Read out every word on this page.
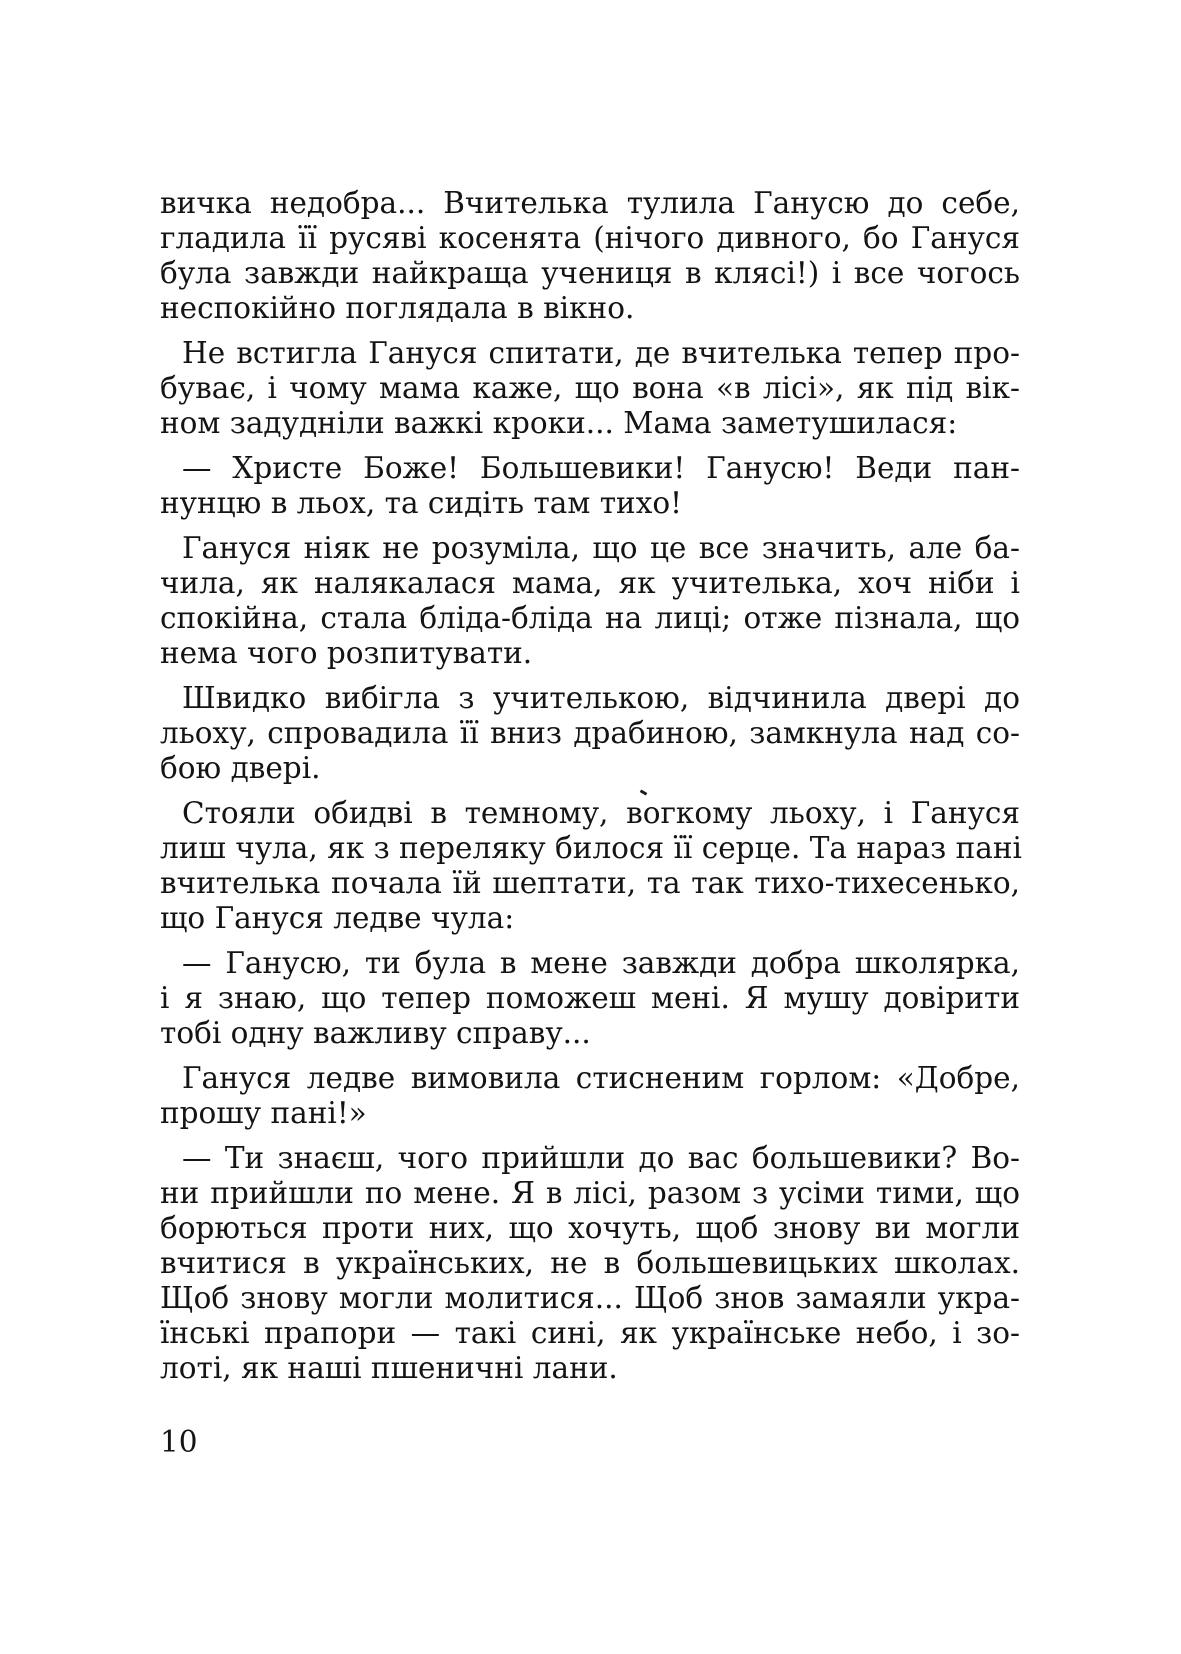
вичка недобра... Вчителька тулила Ганусю до себе,
гладила її русяві косенята (нічого дивного, бо Гануся
була завжди найкраща учениця в клясі!) і все чогось
неспокійно поглядала в вікно.
Не встигла Гануся спитати, де вчителька тепер про-
буває, і чому мама каже, що вона «в лісі», як під вік-
ном задудніли важкі кроки... Мама заметушилася:
— Христе Боже! Большевики! Ганусю! Веди пан-
нунцю в льох, та сидіть там тихо!
Гануся ніяк не розуміла, що це все значить, але ба-
чила, як налякалася мама, як учителька, хоч ніби і
спокійна, стала бліда-бліда на лиці; отже пізнала, що
нема чого розпитувати.
Швидко вибігла з учителькою, відчинила двері до
льоху, спровадила її вниз драбиною, замкнула над со-
бою двері.
Стояли обидві в темному, вогкому льоху, і Гануся
лиш чула, як з переляку билося її серце. Та нараз пані
вчителька почала їй шептати, та так тихо-тихесенько,
що Гануся ледве чула:
— Ганусю, ти була в мене завжди добра школярка,
і я знаю, що тепер поможеш мені. Я мушу довірити
тобі одну важливу справу...
Гануся ледве вимовила стисненим горлом: «Добре,
прошу пані!»
— Ти знаєш, чого прийшли до вас большевики? Во-
ни прийшли по мене. Я в лісі, разом з усіми тими, що
борються проти них, що хочуть, щоб знову ви могли
вчитися в українських, не в большевицьких школах.
Щоб знову могли молитися... Щоб знов замаяли укра-
їнські прапори — такі сині, як українське небо, і зо-
лоті, як наші пшеничні лани.
10
